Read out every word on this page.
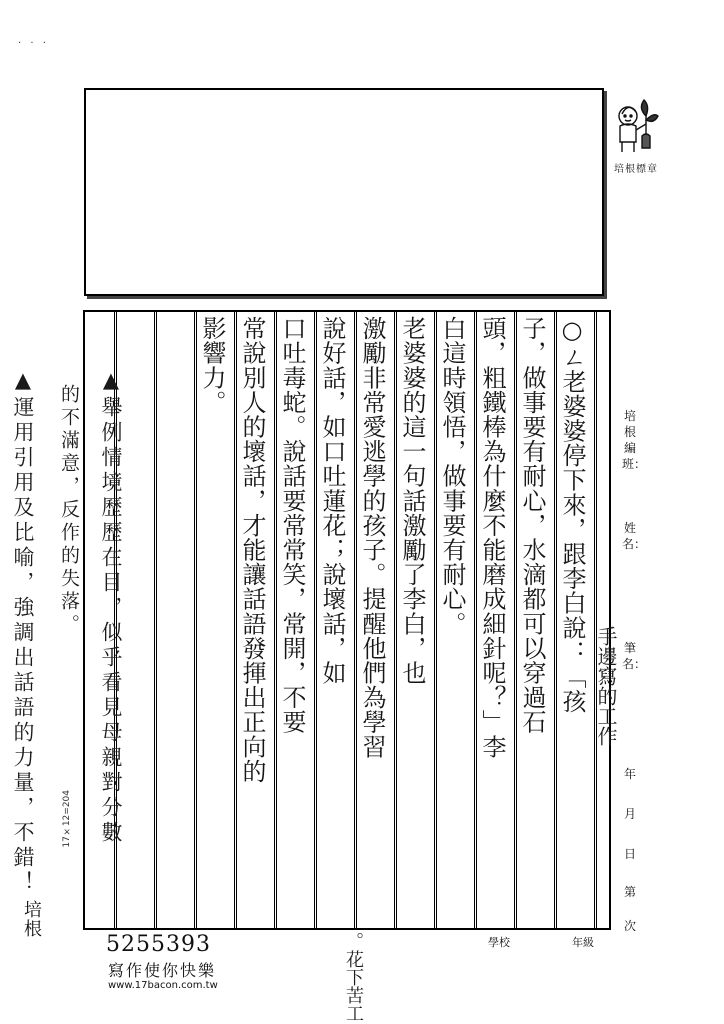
· · ·
培根標章
培根編班：
姓名：
筆名：
年
月
日
第
次
○ㄥ老婆婆停下來，跟李白說：「孩
子，做事要有耐心，水滴都可以穿過石
頭，粗鐵棒為什麼不能磨成細針呢？」李
白這時領悟，做事要有耐心。
老婆婆的這一句話激勵了李白，也
激勵非常愛逃學的孩子。提醒他們為學習
說好話，如口吐蓮花；說壞話，如
口吐毒蛇。說話要常常笑，常開，不要
常說別人的壞話，才能讓話語發揮出正向的
影響力。
手邊寫的工作
。花下苦工
▲運用引用及比喻，強調出話語的力量，不錯！ 的不滿意，反作的失落。 ▲舉例情境歷歷在目，似乎看見母親對分數
培根
17×12=204
5255393
寫作使你快樂
www.17bacon.com.tw
學校	年級
